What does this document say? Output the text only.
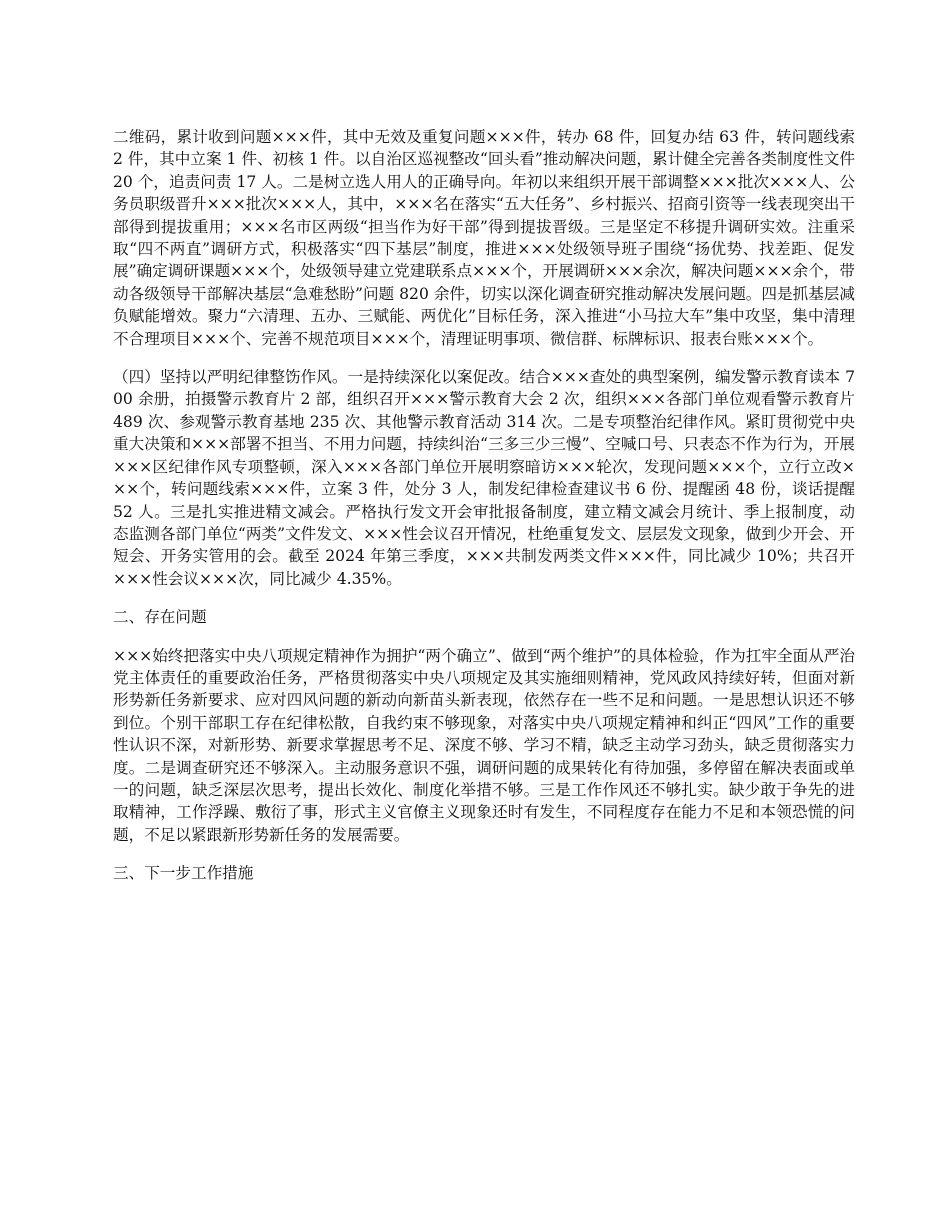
二维码，累计收到问题×××件，其中无效及重复问题×××件，转办 68 件，回复办结 63 件，转问题线索 2 件，其中立案 1 件、初核 1 件。以自治区巡视整改“回头看”推动解决问题，累计健全完善各类制度性文件 20 个，追责问责 17 人。二是树立选人用人的正确导向。年初以来组织开展干部调整×××批次×××人、公务员职级晋升×××批次×××人，其中，×××名在落实“五大任务”、乡村振兴、招商引资等一线表现突出干部得到提拔重用；×××名市区两级“担当作为好干部”得到提拔晋级。三是坚定不移提升调研实效。注重采取“四不两直”调研方式，积极落实“四下基层”制度，推进×××处级领导班子围绕“扬优势、找差距、促发展”确定调研课题×××个，处级领导建立党建联系点×××个，开展调研×××余次，解决问题×××余个，带动各级领导干部解决基层“急难愁盼”问题 820 余件，切实以深化调查研究推动解决发展问题。四是抓基层减负赋能增效。聚力“六清理、五办、三赋能、两优化”目标任务，深入推进“小马拉大车”集中攻坚，集中清理不合理项目×××个、完善不规范项目×××个，清理证明事项、微信群、标牌标识、报表台账×××个。

（四）坚持以严明纪律整饬作风。一是持续深化以案促改。结合×××查处的典型案例，编发警示教育读本 700 余册，拍摄警示教育片 2 部，组织召开×××警示教育大会 2 次，组织×××各部门单位观看警示教育片 489 次、参观警示教育基地 235 次、其他警示教育活动 314 次。二是专项整治纪律作风。紧盯贯彻党中央重大决策和×××部署不担当、不用力问题，持续纠治“三多三少三慢”、空喊口号、只表态不作为行为，开展×××区纪律作风专项整顿，深入×××各部门单位开展明察暗访×××轮次，发现问题×××个，立行立改×××个，转问题线索×××件，立案 3 件，处分 3 人，制发纪律检查建议书 6 份、提醒函 48 份，谈话提醒 52 人。三是扎实推进精文减会。严格执行发文开会审批报备制度，建立精文减会月统计、季上报制度，动态监测各部门单位“两类”文件发文、×××性会议召开情况，杜绝重复发文、层层发文现象，做到少开会、开短会、开务实管用的会。截至 2024 年第三季度，×××共制发两类文件×××件，同比减少 10%；共召开×××性会议×××次，同比减少 4.35%。

二、存在问题

×××始终把落实中央八项规定精神作为拥护“两个确立”、做到“两个维护”的具体检验，作为扛牢全面从严治党主体责任的重要政治任务，严格贯彻落实中央八项规定及其实施细则精神，党风政风持续好转，但面对新形势新任务新要求、应对四风问题的新动向新苗头新表现，依然存在一些不足和问题。一是思想认识还不够到位。个别干部职工存在纪律松散，自我约束不够现象，对落实中央八项规定精神和纠正“四风”工作的重要性认识不深，对新形势、新要求掌握思考不足、深度不够、学习不精，缺乏主动学习劲头，缺乏贯彻落实力度。二是调查研究还不够深入。主动服务意识不强，调研问题的成果转化有待加强，多停留在解决表面或单一的问题，缺乏深层次思考，提出长效化、制度化举措不够。三是工作作风还不够扎实。缺少敢于争先的进取精神，工作浮躁、敷衍了事，形式主义官僚主义现象还时有发生，不同程度存在能力不足和本领恐慌的问题，不足以紧跟新形势新任务的发展需要。

三、下一步工作措施
